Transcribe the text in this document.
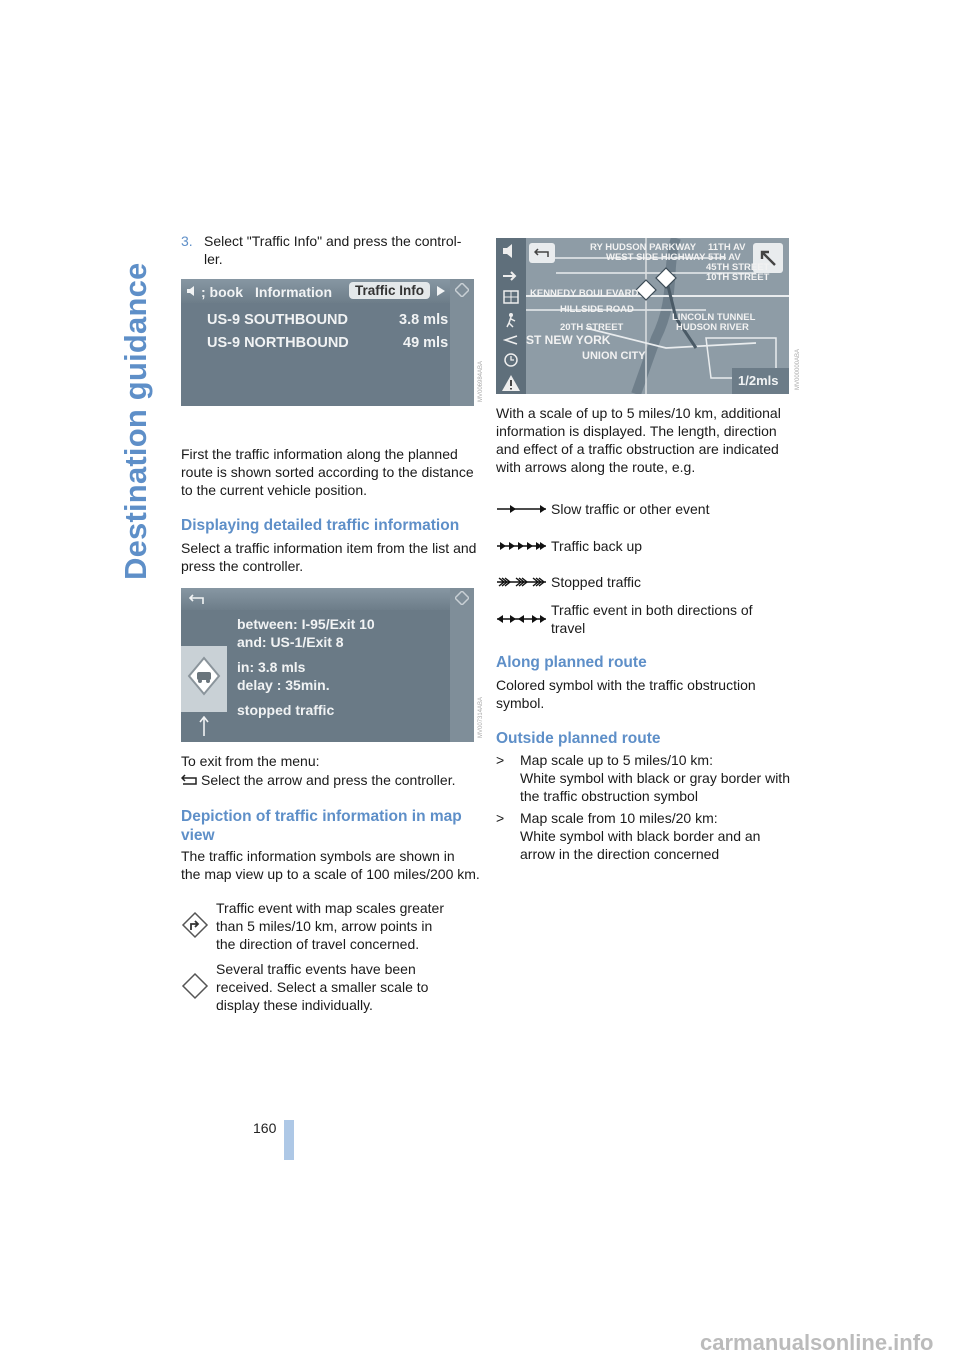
Destination guidance
160
3. Select "Traffic Info" and press the control-
ler.
; book Information	Traffic Info
US-9 SOUTHBOUND	3.8 mls
US-9 NORTHBOUND	49 mls
MV006984ABA
First the traffic information along the planned
route is shown sorted according to the distance
to the current vehicle position.
Displaying detailed traffic information
Select a traffic information item from the list and
press the controller.
between: I-95/Exit 10
and: US-1/Exit 8
in: 3.8 mls
delay : 35min.
stopped traffic	MV007314ABA
To exit from the menu:
Select the arrow and press the controller.
Depiction of traffic information in map
view
The traffic information symbols are shown in
the map view up to a scale of 100 miles/200 km.
Traffic event with map scales greater
than 5 miles/10 km, arrow points in
the direction of travel concerned.
Several traffic events have been
received. Select a smaller scale to
display these individually.
RY HUDSON PARKWAY
WEST SIDE HIGHWAY
11TH AV
5TH AV
45TH STREET
10TH STREET
KENNEDY BOULEVARD
HILLSIDE ROAD
LINCOLN TUNNEL
HUDSON RIVER
20TH STREET
ST NEW YORK
UNION CITY
1/2mls	MV000000ABA
With a scale of up to 5 miles/10 km, additional
information is displayed. The length, direction
and effect of a traffic obstruction are indicated
with arrows along the route, e.g.
Slow traffic or other event
Traffic back up
Stopped traffic
Traffic event in both directions of
travel
Along planned route
Colored symbol with the traffic obstruction
symbol.
Outside planned route
> Map scale up to 5 miles/10 km:
White symbol with black or gray border with
the traffic obstruction symbol
> Map scale from 10 miles/20 km:
White symbol with black border and an
arrow in the direction concerned
carmanualsonline.info
